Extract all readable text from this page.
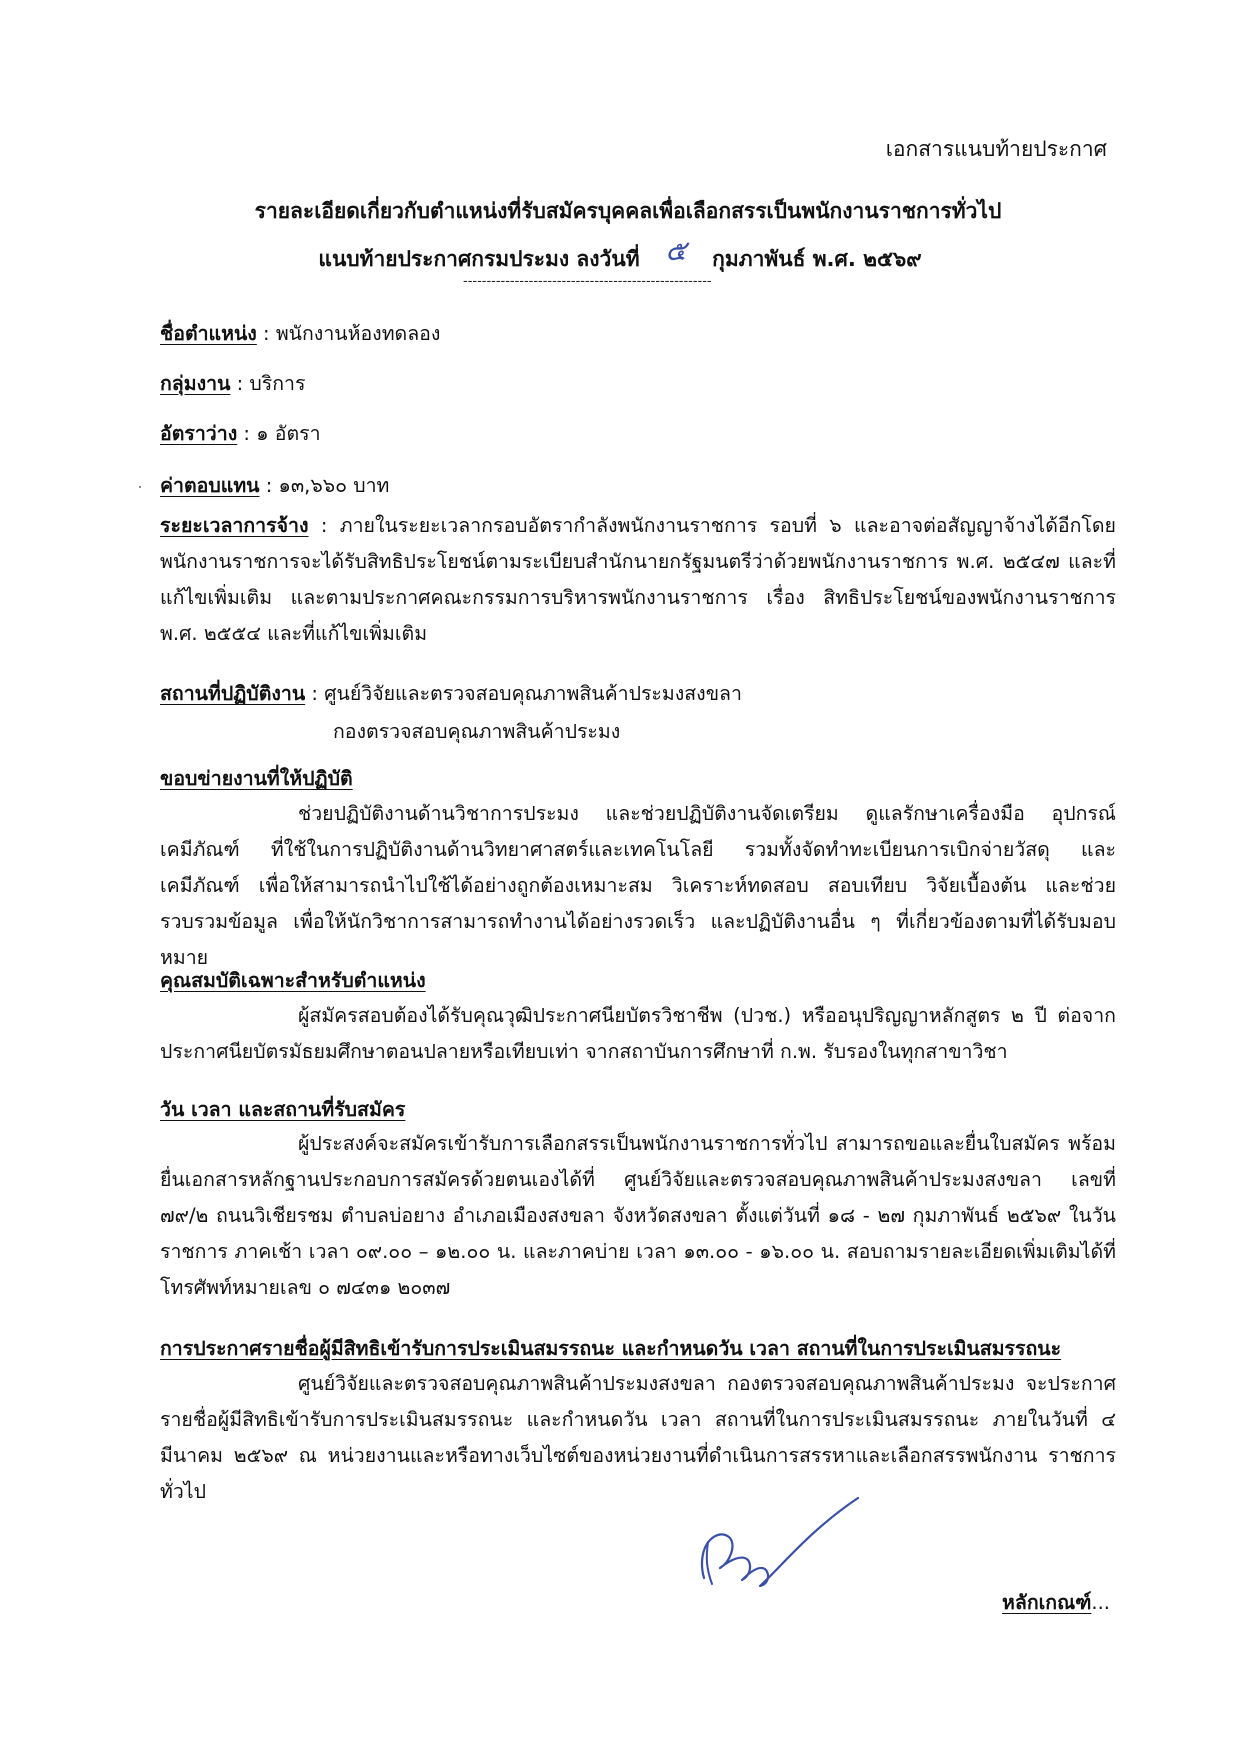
เอกสารแนบท้ายประกาศ
รายละเอียดเกี่ยวกับตำแหน่งที่รับสมัครบุคคลเพื่อเลือกสรรเป็นพนักงานราชการทั่วไป
แนบท้ายประกาศกรมประมง ลงวันที่ ๕ กุมภาพันธ์ พ.ศ. ๒๕๖๙
-----------------------------------------------------
ชื่อตำแหน่ง : พนักงานห้องทดลอง
กลุ่มงาน : บริการ
อัตราว่าง : ๑ อัตรา
ค่าตอบแทน : ๑๓,๖๖๐ บาท

ระยะเวลาการจ้าง : ภายในระยะเวลากรอบอัตรากำลังพนักงานราชการ รอบที่ ๖ และอาจต่อสัญญาจ้างได้อีกโดยพนักงานราชการจะได้รับสิทธิประโยชน์ตามระเบียบสำนักนายกรัฐมนตรีว่าด้วยพนักงานราชการ พ.ศ. ๒๕๔๗ และที่แก้ไขเพิ่มเติม และตามประกาศคณะกรรมการบริหารพนักงานราชการ เรื่อง สิทธิประโยชน์ของพนักงานราชการ พ.ศ. ๒๕๕๔ และที่แก้ไขเพิ่มเติม

สถานที่ปฏิบัติงาน : ศูนย์วิจัยและตรวจสอบคุณภาพสินค้าประมงสงขลา
กองตรวจสอบคุณภาพสินค้าประมง
ขอบข่ายงานที่ให้ปฏิบัติ

ช่วยปฏิบัติงานด้านวิชาการประมง และช่วยปฏิบัติงานจัดเตรียม ดูแลรักษาเครื่องมือ อุปกรณ์ เคมีภัณฑ์ ที่ใช้ในการปฏิบัติงานด้านวิทยาศาสตร์และเทคโนโลยี รวมทั้งจัดทำทะเบียนการเบิกจ่ายวัสดุ และเคมีภัณฑ์ เพื่อให้สามารถนำไปใช้ได้อย่างถูกต้องเหมาะสม วิเคราะห์ทดสอบ สอบเทียบ วิจัยเบื้องต้น และช่วยรวบรวมข้อมูล เพื่อให้นักวิชาการสามารถทำงานได้อย่างรวดเร็ว และปฏิบัติงานอื่น ๆ ที่เกี่ยวข้องตามที่ได้รับมอบหมาย

คุณสมบัติเฉพาะสำหรับตำแหน่ง

ผู้สมัครสอบต้องได้รับคุณวุฒิประกาศนียบัตรวิชาชีพ (ปวช.) หรืออนุปริญญาหลักสูตร ๒ ปี ต่อจาก ประกาศนียบัตรมัธยมศึกษาตอนปลายหรือเทียบเท่า จากสถาบันการศึกษาที่ ก.พ. รับรองในทุกสาขาวิชา

วัน เวลา และสถานที่รับสมัคร

ผู้ประสงค์จะสมัครเข้ารับการเลือกสรรเป็นพนักงานราชการทั่วไป สามารถขอและยื่นใบสมัคร พร้อมยื่นเอกสารหลักฐานประกอบการสมัครด้วยตนเองได้ที่ ศูนย์วิจัยและตรวจสอบคุณภาพสินค้าประมงสงขลา เลขที่ ๗๙/๒ ถนนวิเชียรชม ตำบลบ่อยาง อำเภอเมืองสงขลา จังหวัดสงขลา ตั้งแต่วันที่ ๑๘ - ๒๗ กุมภาพันธ์ ๒๕๖๙ ในวันราชการ ภาคเช้า เวลา ๐๙.๐๐ – ๑๒.๐๐ น. และภาคบ่าย เวลา ๑๓.๐๐ - ๑๖.๐๐ น. สอบถามรายละเอียดเพิ่มเติมได้ที่ โทรศัพท์หมายเลข ๐ ๗๔๓๑ ๒๐๓๗

การประกาศรายชื่อผู้มีสิทธิเข้ารับการประเมินสมรรถนะ และกำหนดวัน เวลา สถานที่ในการประเมินสมรรถนะ

ศูนย์วิจัยและตรวจสอบคุณภาพสินค้าประมงสงขลา กองตรวจสอบคุณภาพสินค้าประมง จะประกาศ รายชื่อผู้มีสิทธิเข้ารับการประเมินสมรรถนะ และกำหนดวัน เวลา สถานที่ในการประเมินสมรรถนะ ภายในวันที่ ๔ มีนาคม ๒๕๖๙ ณ หน่วยงานและหรือทางเว็บไซต์ของหน่วยงานที่ดำเนินการสรรหาและเลือกสรรพนักงาน ราชการทั่วไป

หลักเกณฑ์...
